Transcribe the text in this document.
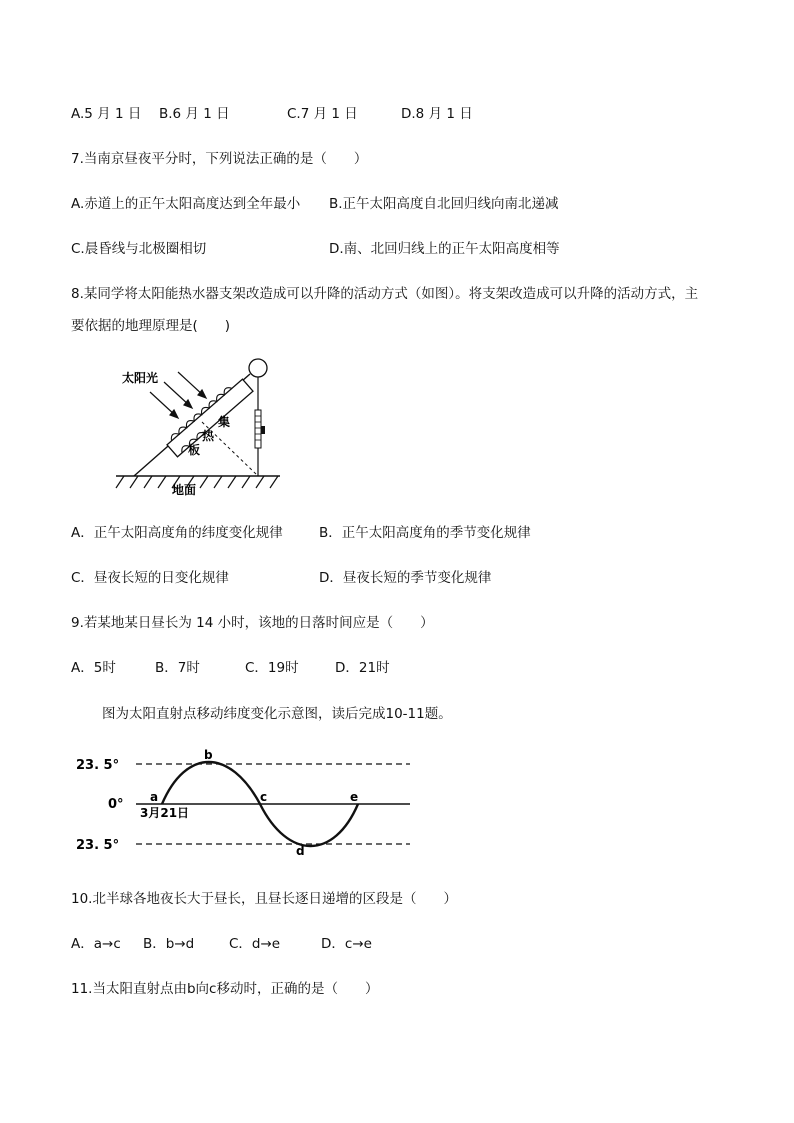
A.5 月 1 日 B.6 月 1 日	C.7 月 1 日	D.8 月 1 日
7.当南京昼夜平分时，下列说法正确的是（　　）
A.赤道上的正午太阳高度达到全年最小 B.正午太阳高度自北回归线向南北递减
C.晨昏线与北极圈相切	D.南、北回归线上的正午太阳高度相等
8.某同学将太阳能热水器支架改造成可以升降的活动方式（如图）。将支架改造成可以升降的活动方式，主
要依据的地理原理是(　　)
太阳光
集
热
板
地面
A．正午太阳高度角的纬度变化规律	B．正午太阳高度角的季节变化规律
C．昼夜长短的日变化规律	D．昼夜长短的季节变化规律
9.若某地某日昼长为 14 小时，该地的日落时间应是（　　）
A．5时	B．7时	C．19时	D．21时
图为太阳直射点移动纬度变化示意图，读后完成10-11题。
23. 5°
0°
23. 5°
a
b
c
d
e
3月21日
10.北半球各地夜长大于昼长，且昼长逐日递增的区段是（　　）
A．a→c B．b→d	C．d→e	D．c→e
11.当太阳直射点由b向c移动时，正确的是（　　）
